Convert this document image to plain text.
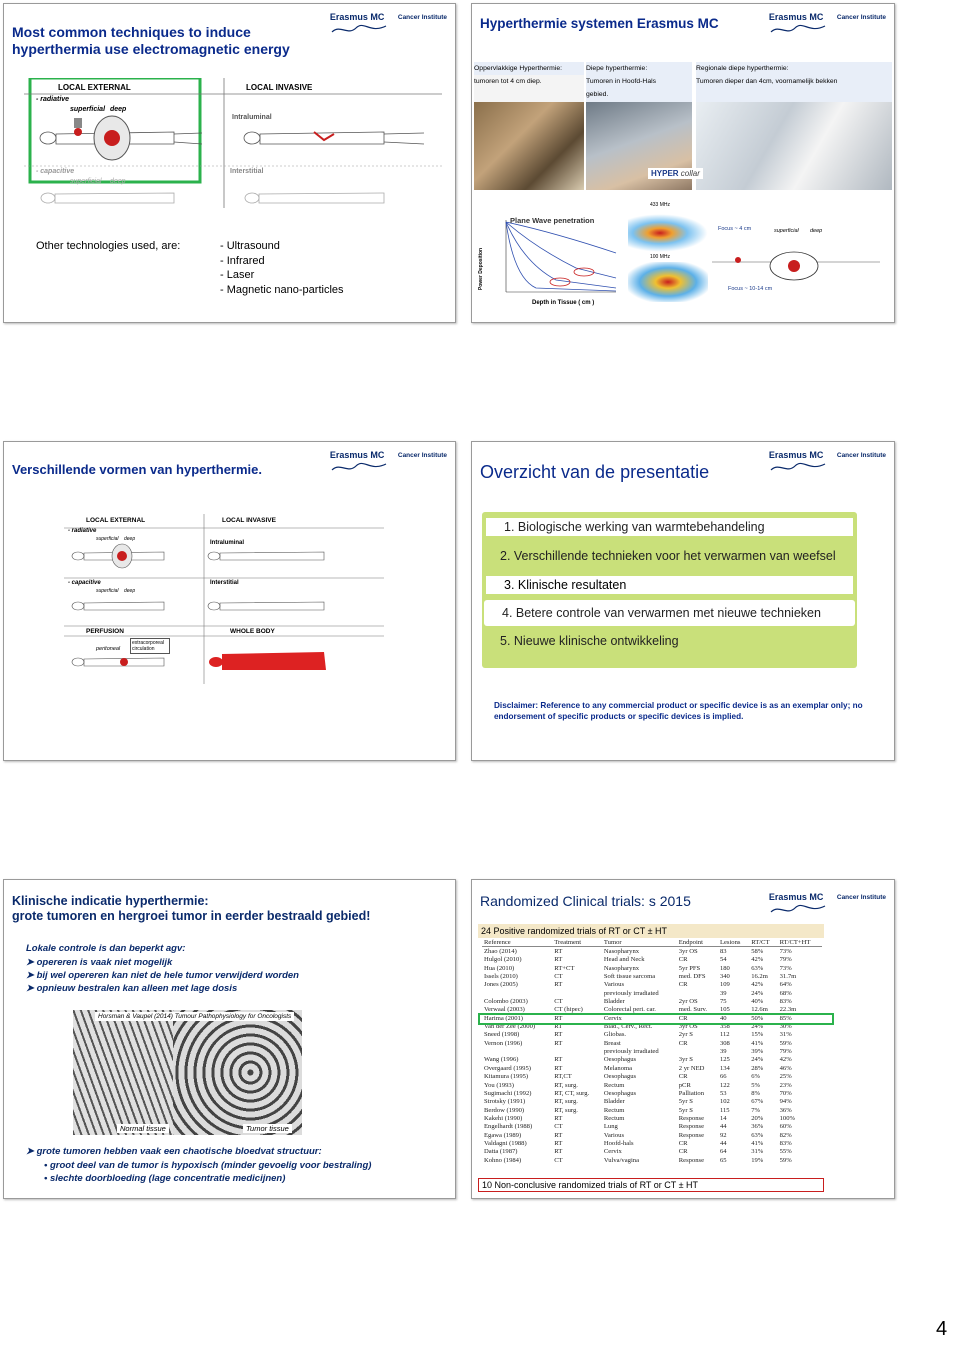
Most common techniques to induce
hyperthermia use electromagnetic energy
Erasmus MC	Cancer Institute
LOCAL EXTERNAL	LOCAL INVASIVE
- radiative
superficial deep
Intraluminal
- capacitive
superficial deep
Interstitial
Other technologies used, are:	- Ultrasound
- Infrared
- Laser
- Magnetic nano-particles
Hyperthermie systemen Erasmus MC	Erasmus MC	Cancer Institute
Oppervlakkige Hyperthermie:
tumoren tot 4 cm diep.
Diepe hyperthermie:
Tumoren in Hoofd-Hals
gebied.
Regionale diepe hyperthermie:
Tumoren dieper dan 4cm, voornamelijk bekken
HYPER collar
Plane Wave penetration
Depth in Tissue ( cm )
Power Deposition
433 MHz
100 MHz
Focus ~ 4 cm	superficial deep
Focus ~ 10-14 cm
Verschillende vormen van hyperthermie.
Erasmus MC	Cancer Institute
LOCAL EXTERNAL	LOCAL INVASIVE
- radiative
superficial deep
Intraluminal
- capacitive
superficial deep
Interstitial
PERFUSION	WHOLE BODY
peritoneal
extracorporeal circulation
Overzicht van de presentatie
Erasmus MC	Cancer Institute
1. Biologische werking van warmtebehandeling
2. Verschillende technieken voor het verwarmen van weefsel
3. Klinische resultaten
4. Betere controle van verwarmen met nieuwe technieken
5. Nieuwe klinische ontwikkeling
Disclaimer: Reference to any commercial product or specific device is as an exemplar only; no endorsement of specific products or specific devices is implied.
Klinische indicatie hyperthermie:
grote tumoren en hergroei tumor in eerder bestraald gebied!
Lokale controle is dan beperkt agv:
➤ opereren is vaak niet mogelijk
➤ bij wel opereren kan niet de hele tumor verwijderd worden
➤ opnieuw bestralen kan alleen met lage dosis
Horsman & Vaupel (2014) Tumour Pathophysiology for Oncologists
Normal tissue	Tumor tissue
➤ grote tumoren hebben vaak een chaotische bloedvat structuur:
• groot deel van de tumor is hypoxisch (minder gevoelig voor bestraling)
• slechte doorbloeding (lage concentratie medicijnen)
Randomized Clinical trials: s 2015	Erasmus MC	Cancer Institute
24 Positive randomized trials of RT or CT ± HT
Reference	Treatment	Tumor	Endpoint	Lesions	RT/CT	RT/CT+HT
Zhao (2014)	RT	Nasopharynx	3yr OS	83	58%	73%
Hulgol (2010)	RT	Head and Neck	CR	54	42%	79%
Hua (2010)	RT+CT	Nasopharynx	5yr PFS	180	63%	73%
Issels (2010)	CT	Soft tissue sarcoma	med. DFS	340	16.2m	31.7m
Jones (2005)	RT	Various	CR	109	42%	64%
		previously irradiated		39	24%	68%
Colombo (2003)	CT	Bladder	2yr OS	75	40%	83%
Verwaal (2003)	CT (hipec)	Colorectal peri. car.	med. Surv.	105	12.6m	22.3m
Harima (2001)	RT	Cervix	CR	40	50%	85%
Van der Zee (2000)	RT	Blad., Cerv., Rect.	3yr OS	358	24%	30%
Sneed (1998)	RT	Gliobas.	2yr S	112	15%	31%
Vernon (1996)	RT	Breast	CR	308	41%	59%
		previously irradiated		39	39%	79%
Wang (1996)	RT	Oesophagus	3yr S	125	24%	42%
Overgaard (1995)	RT	Melanoma	2 yr NED	134	28%	46%
Kitamura (1995)	RT,CT	Oesophagus	CR	66	6%	25%
You (1993)	RT, surg.	Rectum	pCR	122	5%	23%
Sugimachi (1992)	RT, CT, surg.	Oesophagus	Palliation	53	8%	70%
Strotsky (1991)	RT, surg.	Bladder	5yr S	102	67%	94%
Berdow (1990)	RT, surg.	Rectum	5yr S	115	7%	36%
Kakehi (1990)	RT	Rectum	Response	14	20%	100%
Engelhardt (1988)	CT	Lung	Response	44	36%	60%
Egawa (1989)	RT	Various	Response	92	63%	82%
Valdagni (1988)	RT	Hoofd-hals	CR	44	41%	83%
Datta (1987)	RT	Cervix	CR	64	31%	55%
Kohno (1984)	CT	Vulva/vagina	Response	65	19%	59%
10 Non-conclusive randomized trials of RT or CT ± HT
4
